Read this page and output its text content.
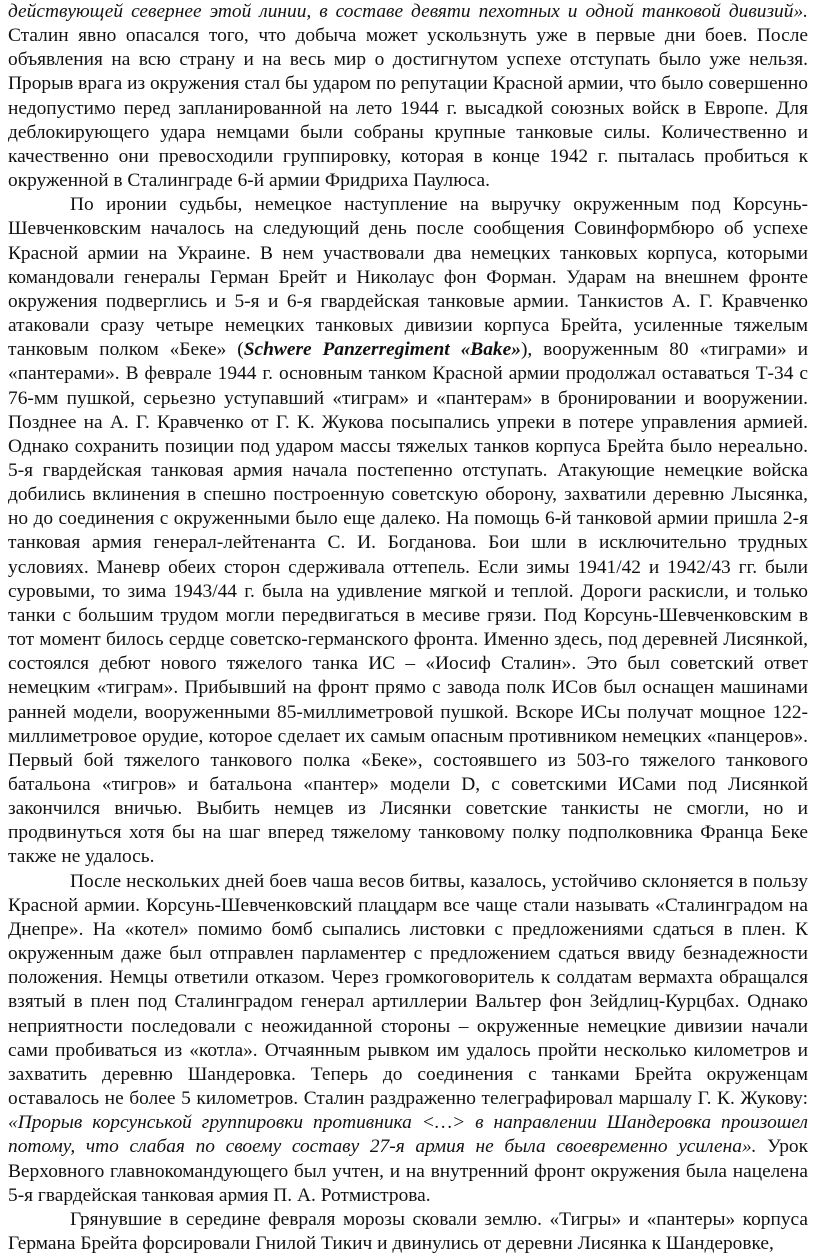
действующей севернее этой линии, в составе девяти пехотных и одной танковой дивизий». Сталин явно опасался того, что добыча может ускользнуть уже в первые дни боев. После объявления на всю страну и на весь мир о достигнутом успехе отступать было уже нельзя. Прорыв врага из окружения стал бы ударом по репутации Красной армии, что было совершенно недопустимо перед запланированной на лето 1944 г. высадкой союзных войск в Европе. Для деблокирующего удара немцами были собраны крупные танковые силы. Количественно и качественно они превосходили группировку, которая в конце 1942 г. пыталась пробиться к окруженной в Сталинграде 6-й армии Фридриха Паулюса.

По иронии судьбы, немецкое наступление на выручку окруженным под Корсунь-Шевченковским началось на следующий день после сообщения Совинформбюро об успехе Красной армии на Украине. В нем участвовали два немецких танковых корпуса, которыми командовали генералы Герман Брейт и Николаус фон Форман. Ударам на внешнем фронте окружения подверглись и 5-я и 6-я гвардейская танковые армии. Танкистов А. Г. Кравченко атаковали сразу четыре немецких танковых дивизии корпуса Брейта, усиленные тяжелым танковым полком «Беке» (Schwere Panzerregiment «Bake»), вооруженным 80 «тиграми» и «пантерами». В феврале 1944 г. основным танком Красной армии продолжал оставаться Т-34 с 76-мм пушкой, серьезно уступавший «тиграм» и «пантерам» в бронировании и вооружении. Позднее на А. Г. Кравченко от Г. К. Жукова посыпались упреки в потере управления армией. Однако сохранить позиции под ударом массы тяжелых танков корпуса Брейта было нереально. 5-я гвардейская танковая армия начала постепенно отступать. Атакующие немецкие войска добились вклинения в спешно построенную советскую оборону, захватили деревню Лысянка, но до соединения с окруженными было еще далеко. На помощь 6-й танковой армии пришла 2-я танковая армия генерал-лейтенанта С. И. Богданова. Бои шли в исключительно трудных условиях. Маневр обеих сторон сдерживала оттепель. Если зимы 1941/42 и 1942/43 гг. были суровыми, то зима 1943/44 г. была на удивление мягкой и теплой. Дороги раскисли, и только танки с большим трудом могли передвигаться в месиве грязи. Под Корсунь-Шевченковским в тот момент билось сердце советско-германского фронта. Именно здесь, под деревней Лисянкой, состоялся дебют нового тяжелого танка ИС – «Иосиф Сталин». Это был советский ответ немецким «тиграм». Прибывший на фронт прямо с завода полк ИСов был оснащен машинами ранней модели, вооруженными 85-миллиметровой пушкой. Вскоре ИСы получат мощное 122-миллиметровое орудие, которое сделает их самым опасным противником немецких «панцеров». Первый бой тяжелого танкового полка «Беке», состоявшего из 503-го тяжелого танкового батальона «тигров» и батальона «пантер» модели D, с советскими ИСами под Лисянкой закончился вничью. Выбить немцев из Лисянки советские танкисты не смогли, но и продвинуться хотя бы на шаг вперед тяжелому танковому полку подполковника Франца Беке также не удалось.

После нескольких дней боев чаша весов битвы, казалось, устойчиво склоняется в пользу Красной армии. Корсунь-Шевченковский плацдарм все чаще стали называть «Сталинградом на Днепре». На «котел» помимо бомб сыпались листовки с предложениями сдаться в плен. К окруженным даже был отправлен парламентер с предложением сдаться ввиду безнадежности положения. Немцы ответили отказом. Через громкоговоритель к солдатам вермахта обращался взятый в плен под Сталинградом генерал артиллерии Вальтер фон Зейдлиц-Курцбах. Однако неприятности последовали с неожиданной стороны – окруженные немецкие дивизии начали сами пробиваться из «котла». Отчаянным рывком им удалось пройти несколько километров и захватить деревню Шандеровка. Теперь до соединения с танками Брейта окруженцам оставалось не более 5 километров. Сталин раздраженно телеграфировал маршалу Г. К. Жукову: «Прорыв корсунськой группировки противника <…> в направлении Шандеровка произошел потому, что слабая по своему составу 27-я армия не была своевременно усилена». Урок Верховного главнокомандующего был учтен, и на внутренний фронт окружения была нацелена 5-я гвардейская танковая армия П. А. Ротмистрова.

Грянувшие в середине февраля морозы сковали землю. «Тигры» и «пантеры» корпуса Германа Брейта форсировали Гнилой Тикич и двинулись от деревни Лисянка к Шандеровке,
